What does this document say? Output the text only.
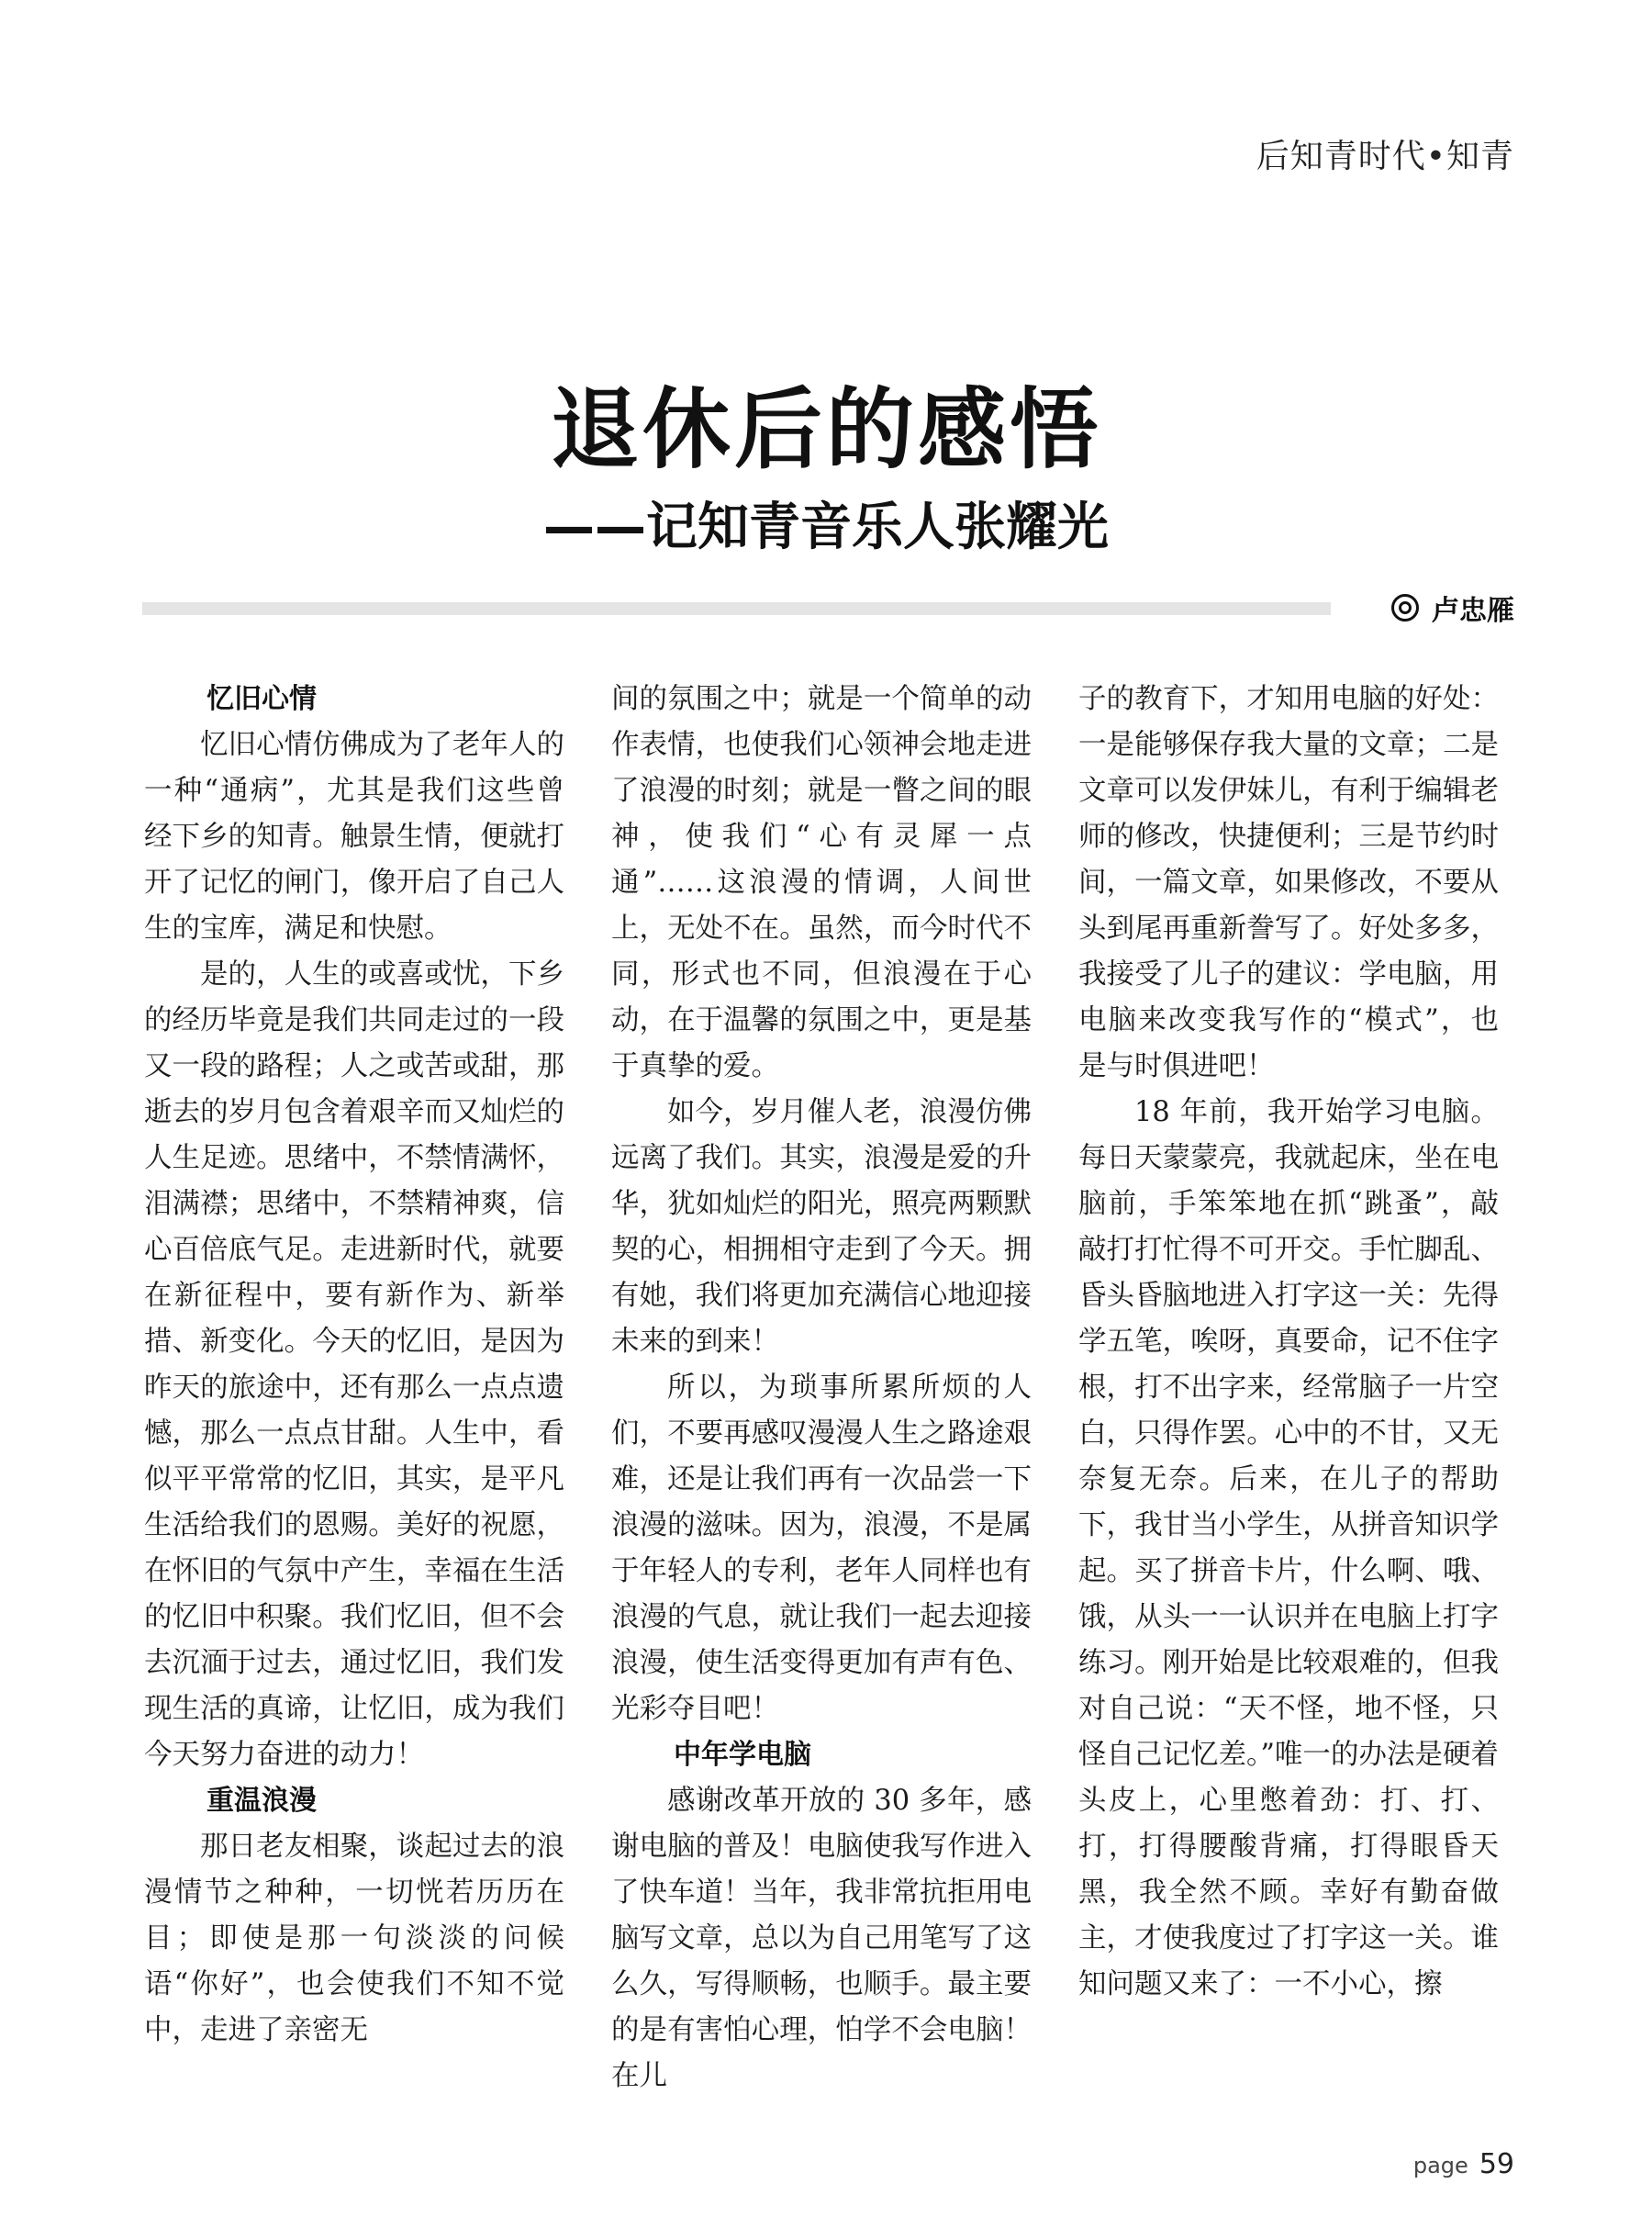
后知青时代•知青
退休后的感悟
——记知青音乐人张耀光
卢忠雁
忆旧心情

忆旧心情仿佛成为了老年人的一种“通病”，尤其是我们这些曾经下乡的知青。触景生情，便就打开了记忆的闸门，像开启了自己人生的宝库，满足和快慰。

是的，人生的或喜或忧，下乡的经历毕竟是我们共同走过的一段又一段的路程；人之或苦或甜，那逝去的岁月包含着艰辛而又灿烂的人生足迹。思绪中，不禁情满怀，泪满襟；思绪中，不禁精神爽，信心百倍底气足。走进新时代，就要在新征程中，要有新作为、新举措、新变化。今天的忆旧，是因为昨天的旅途中，还有那么一点点遗憾，那么一点点甘甜。人生中，看似平平常常的忆旧，其实，是平凡生活给我们的恩赐。美好的祝愿，在怀旧的气氛中产生，幸福在生活的忆旧中积聚。我们忆旧，但不会去沉湎于过去，通过忆旧，我们发现生活的真谛，让忆旧，成为我们今天努力奋进的动力！

重温浪漫

那日老友相聚，谈起过去的浪漫情节之种种，一切恍若历历在目；即使是那一句淡淡的问候语“你好”，也会使我们不知不觉中，走进了亲密无

间的氛围之中；就是一个简单的动作表情，也使我们心领神会地走进了浪漫的时刻；就是一瞥之间的眼神，使我们“心有灵犀一点通”……这浪漫的情调，人间世上，无处不在。虽然，而今时代不同，形式也不同，但浪漫在于心动，在于温馨的氛围之中，更是基于真挚的爱。

如今，岁月催人老，浪漫仿佛远离了我们。其实，浪漫是爱的升华，犹如灿烂的阳光，照亮两颗默契的心，相拥相守走到了今天。拥有她，我们将更加充满信心地迎接未来的到来！

所以，为琐事所累所烦的人们，不要再感叹漫漫人生之路途艰难，还是让我们再有一次品尝一下浪漫的滋味。因为，浪漫，不是属于年轻人的专利，老年人同样也有浪漫的气息，就让我们一起去迎接浪漫，使生活变得更加有声有色、光彩夺目吧！

中年学电脑

感谢改革开放的 30 多年，感谢电脑的普及！电脑使我写作进入了快车道！当年，我非常抗拒用电脑写文章，总以为自己用笔写了这么久，写得顺畅，也顺手。最主要的是有害怕心理，怕学不会电脑！在儿

子的教育下，才知用电脑的好处：一是能够保存我大量的文章；二是文章可以发伊妹儿，有利于编辑老师的修改，快捷便利；三是节约时间，一篇文章，如果修改，不要从头到尾再重新誊写了。好处多多，我接受了儿子的建议：学电脑，用电脑来改变我写作的“模式”，也是与时俱进吧！

18 年前，我开始学习电脑。每日天蒙蒙亮，我就起床，坐在电脑前，手笨笨地在抓“跳蚤”，敲敲打打忙得不可开交。手忙脚乱、昏头昏脑地进入打字这一关：先得学五笔，唉呀，真要命，记不住字根，打不出字来，经常脑子一片空白，只得作罢。心中的不甘，又无奈复无奈。后来，在儿子的帮助下，我甘当小学生，从拼音知识学起。买了拼音卡片，什么啊、哦、饿，从头一一认识并在电脑上打字练习。刚开始是比较艰难的，但我对自己说：“天不怪，地不怪，只怪自己记忆差。”唯一的办法是硬着头皮上，心里憋着劲：打、打、打，打得腰酸背痛，打得眼昏天黑，我全然不顾。幸好有勤奋做主，才使我度过了打字这一关。谁知问题又来了：一不小心，擦

page 59
